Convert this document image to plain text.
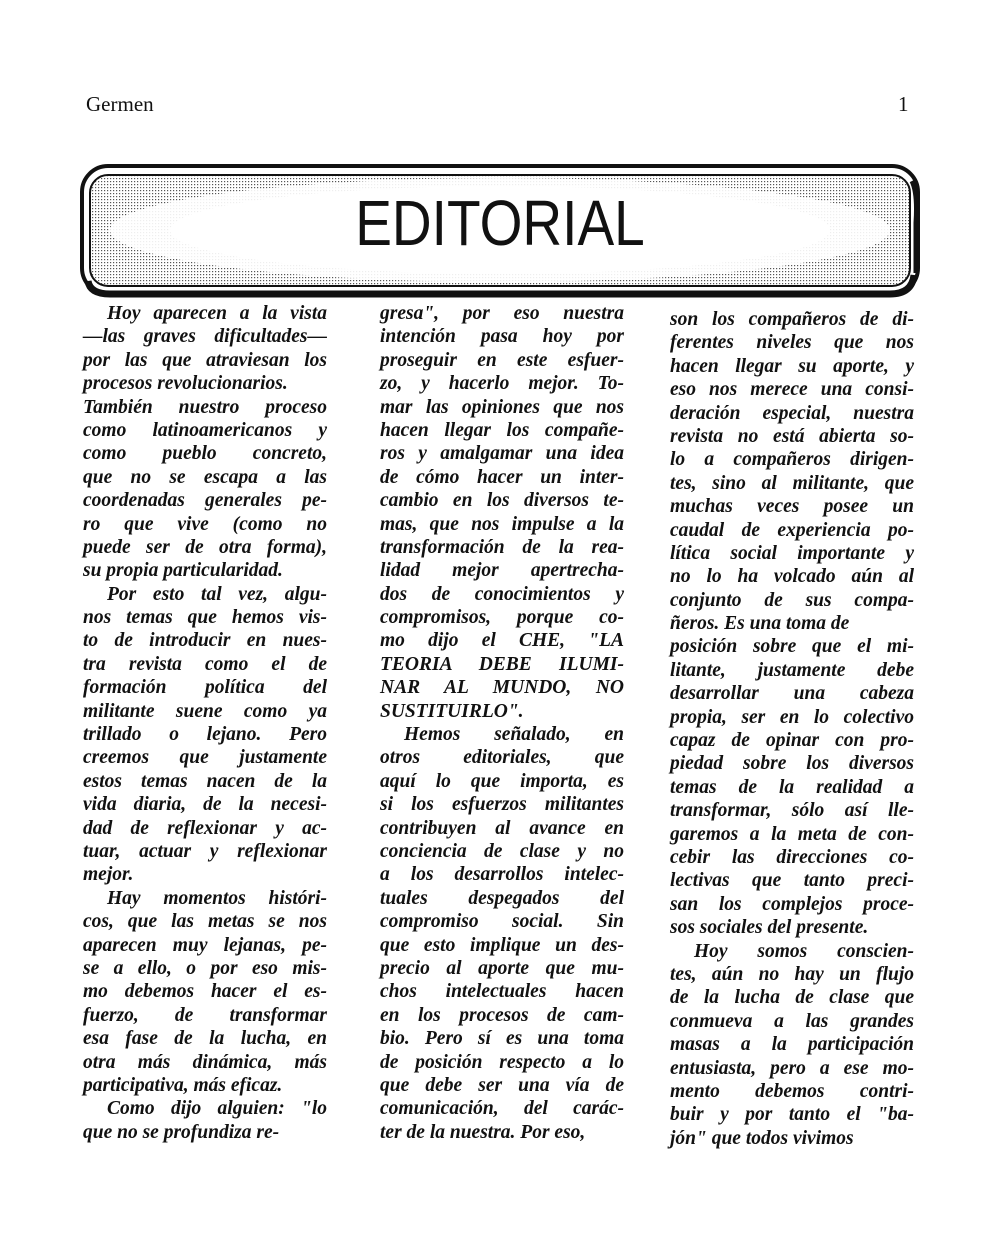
Germen	1
EDITORIAL
Hoy aparecen a la vista
—las graves dificultades—
por las que atraviesan los
procesos revolucionarios.
También nuestro proceso
como latinoamericanos y
como pueblo concreto,
que no se escapa a las
coordenadas generales pe-
ro que vive (como no
puede ser de otra forma),
su propia particularidad.
Por esto tal vez, algu-
nos temas que hemos vis-
to de introducir en nues-
tra revista como el de
formación política del
militante suene como ya
trillado o lejano. Pero
creemos que justamente
estos temas nacen de la
vida diaria, de la necesi-
dad de reflexionar y ac-
tuar, actuar y reflexionar
mejor.
Hay momentos históri-
cos, que las metas se nos
aparecen muy lejanas, pe-
se a ello, o por eso mis-
mo debemos hacer el es-
fuerzo, de transformar
esa fase de la lucha, en
otra más dinámica, más
participativa, más eficaz.
Como dijo alguien: "lo
que no se profundiza re-
gresa", por eso nuestra
intención pasa hoy por
proseguir en este esfuer-
zo, y hacerlo mejor. To-
mar las opiniones que nos
hacen llegar los compañe-
ros y amalgamar una idea
de cómo hacer un inter-
cambio en los diversos te-
mas, que nos impulse a la
transformación de la rea-
lidad mejor apertrecha-
dos de conocimientos y
compromisos, porque co-
mo dijo el CHE, "LA
TEORIA DEBE ILUMI-
NAR AL MUNDO, NO
SUSTITUIRLO".
Hemos señalado, en
otros editoriales, que
aquí lo que importa, es
si los esfuerzos militantes
contribuyen al avance en
conciencia de clase y no
a los desarrollos intelec-
tuales despegados del
compromiso social. Sin
que esto implique un des-
precio al aporte que mu-
chos intelectuales hacen
en los procesos de cam-
bio. Pero sí es una toma
de posición respecto a lo
que debe ser una vía de
comunicación, del carác-
ter de la nuestra. Por eso,
son los compañeros de di-
ferentes niveles que nos
hacen llegar su aporte, y
eso nos merece una consi-
deración especial, nuestra
revista no está abierta so-
lo a compañeros dirigen-
tes, sino al militante, que
muchas veces posee un
caudal de experiencia po-
lítica social importante y
no lo ha volcado aún al
conjunto de sus compa-
ñeros. Es una toma de
posición sobre que el mi-
litante, justamente debe
desarrollar una cabeza
propia, ser en lo colectivo
capaz de opinar con pro-
piedad sobre los diversos
temas de la realidad a
transformar, sólo así lle-
garemos a la meta de con-
cebir las direcciones co-
lectivas que tanto preci-
san los complejos proce-
sos sociales del presente.
Hoy somos conscien-
tes, aún no hay un flujo
de la lucha de clase que
conmueva a las grandes
masas a la participación
entusiasta, pero a ese mo-
mento debemos contri-
buir y por tanto el "ba-
jón" que todos vivimos
